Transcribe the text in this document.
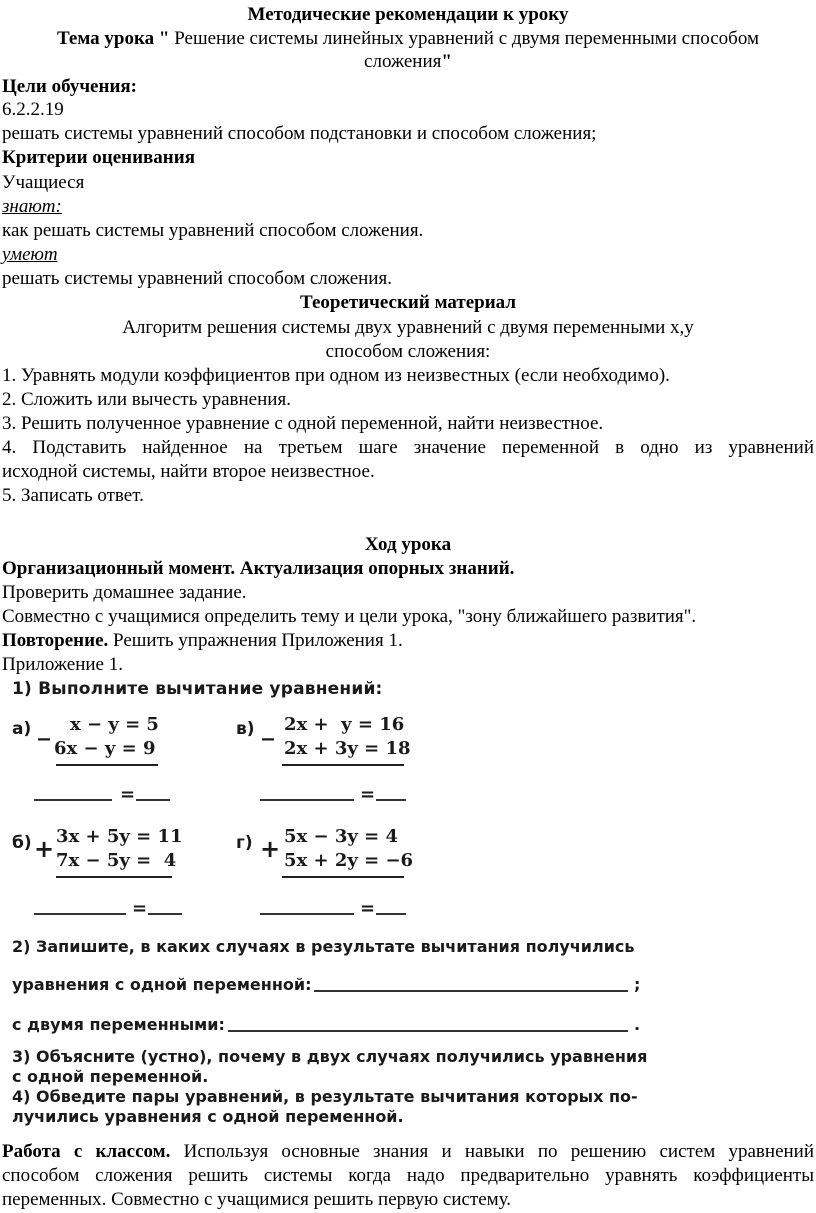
Методические рекомендации к уроку
Тема урока " Решение системы линейных уравнений с двумя переменными способом
сложения"
Цели обучения:
6.2.2.19
решать системы уравнений способом подстановки и способом сложения;
Критерии оценивания
Учащиеся
знают:
как решать системы уравнений способом сложения.
умеют
решать системы уравнений способом сложения.
Теоретический материал
Алгоритм решения системы двух уравнений с двумя переменными х,у
способом сложения:
1. Уравнять модули коэффициентов при одном из неизвестных (если необходимо).
2. Сложить или вычесть уравнения.
3. Решить полученное уравнение с одной переменной, найти неизвестное.
4. Подставить найденное на третьем шаге значение переменной в одно из уравнений
исходной системы, найти второе неизвестное.
5. Записать ответ.
Ход урока
Организационный момент. Актуализация опорных знаний.
Проверить домашнее задание.
Совместно с учащимися определить тему и цели урока, "зону ближайшего развития".
Повторение. Решить упражнения Приложения 1.
Приложение 1.
1) Выполните вычитание уравнений:
а) _ x − y = 5
6x − y = 9
=
в) _ 2x +  y = 16
2x + 3y = 18
=
б) + 3x + 5y = 11
7x − 5y =  4
=
г) + 5x − 3y = 4
5x + 2y = −6
=
2) Запишите, в каких случаях в результате вычитания получились
уравнения с одной переменной:	;
с двумя переменными:	.
3) Объясните (устно), почему в двух случаях получились уравнения
с одной переменной.
4) Обведите пары уравнений, в результате вычитания которых по-
лучились уравнения с одной переменной.
Работа с классом. Используя основные знания и навыки по решению систем уравнений
способом сложения решить системы когда надо предварительно уравнять коэффициенты
переменных. Совместно с учащимися решить первую систему.
